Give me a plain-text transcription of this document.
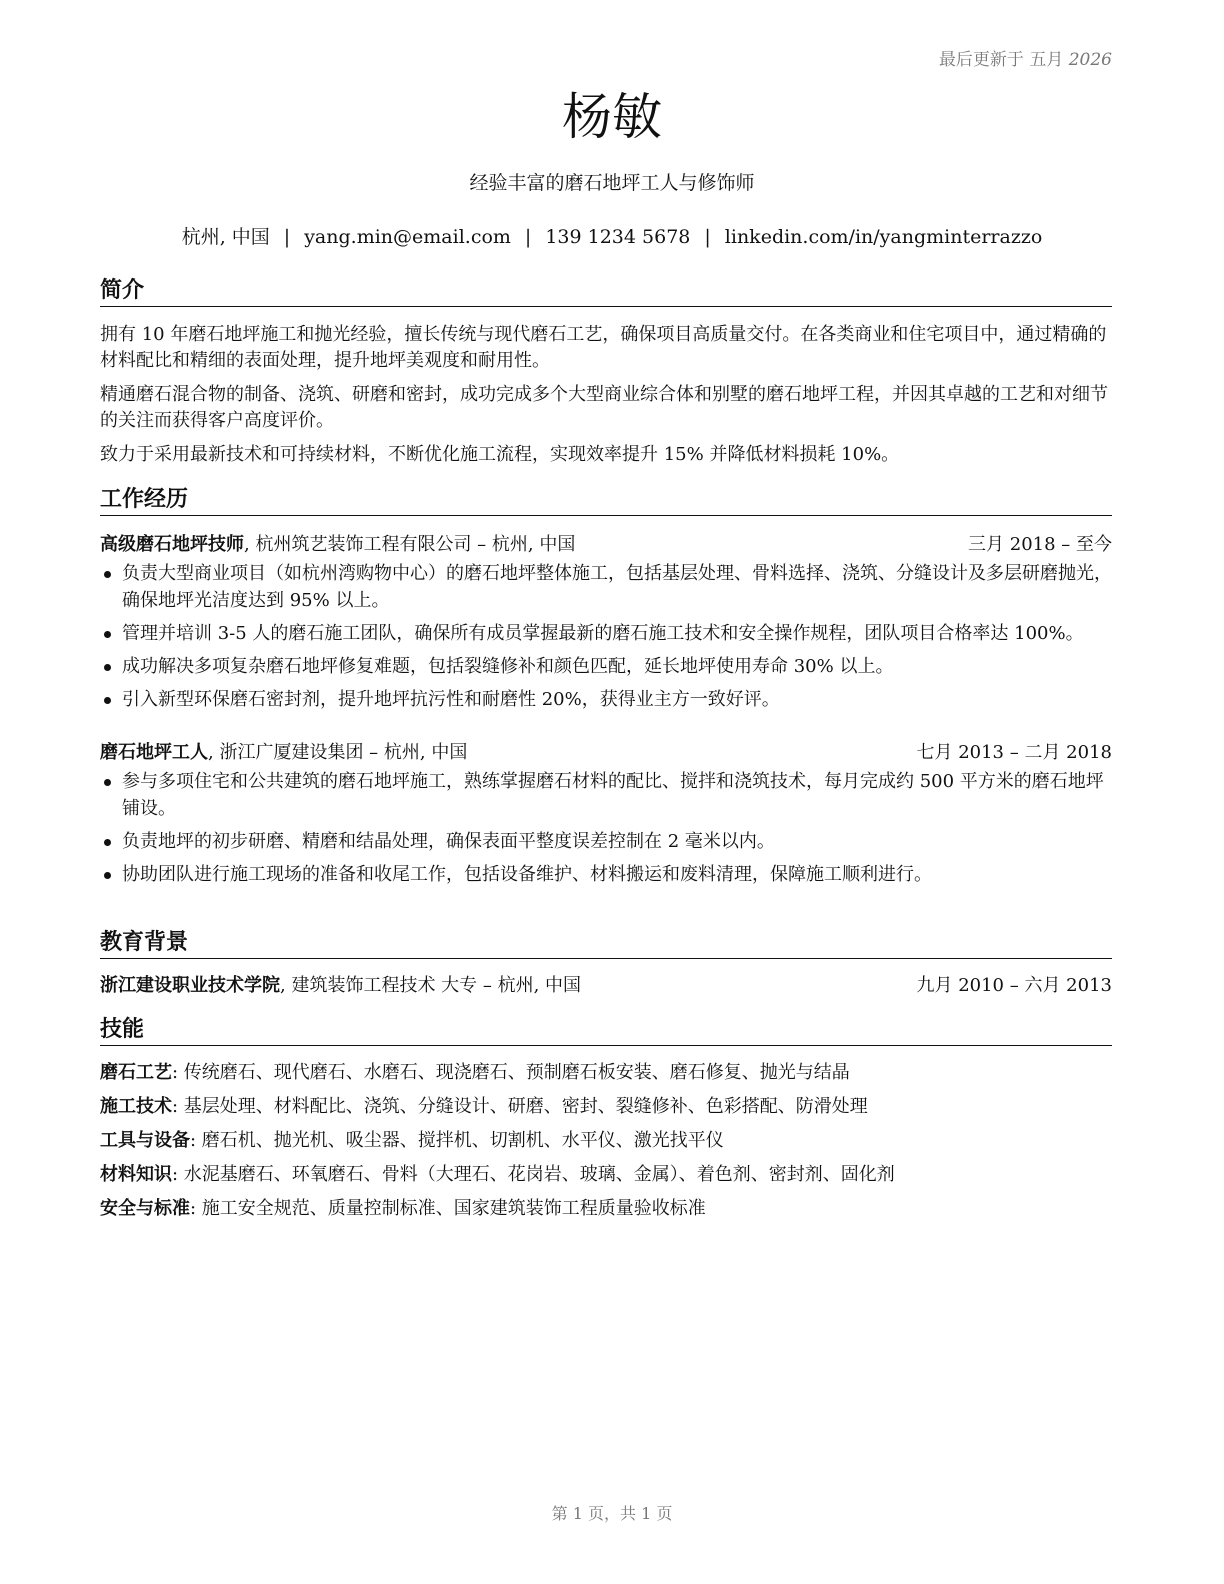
最后更新于 五月 2026
杨敏
经验丰富的磨石地坪工人与修饰师
杭州, 中国 | yang.min@email.com | 139 1234 5678 | linkedin.com/in/yangminterrazzo
简介

拥有 10 年磨石地坪施工和抛光经验，擅长传统与现代磨石工艺，确保项目高质量交付。在各类商业和住宅项目中，通过精确的材料配比和精细的表面处理，提升地坪美观度和耐用性。

精通磨石混合物的制备、浇筑、研磨和密封，成功完成多个大型商业综合体和别墅的磨石地坪工程，并因其卓越的工艺和对细节的关注而获得客户高度评价。

致力于采用最新技术和可持续材料，不断优化施工流程，实现效率提升 15% 并降低材料损耗 10%。

工作经历
高级磨石地坪技师, 杭州筑艺装饰工程有限公司 – 杭州, 中国	三月 2018 – 至今
负责大型商业项目（如杭州湾购物中心）的磨石地坪整体施工，包括基层处理、骨料选择、浇筑、分缝设计及多层研磨抛光，确保地坪光洁度达到 95% 以上。
管理并培训 3-5 人的磨石施工团队，确保所有成员掌握最新的磨石施工技术和安全操作规程，团队项目合格率达 100%。
成功解决多项复杂磨石地坪修复难题，包括裂缝修补和颜色匹配，延长地坪使用寿命 30% 以上。
引入新型环保磨石密封剂，提升地坪抗污性和耐磨性 20%，获得业主方一致好评。
磨石地坪工人, 浙江广厦建设集团 – 杭州, 中国	七月 2013 – 二月 2018
参与多项住宅和公共建筑的磨石地坪施工，熟练掌握磨石材料的配比、搅拌和浇筑技术，每月完成约 500 平方米的磨石地坪铺设。
负责地坪的初步研磨、精磨和结晶处理，确保表面平整度误差控制在 2 毫米以内。
协助团队进行施工现场的准备和收尾工作，包括设备维护、材料搬运和废料清理，保障施工顺利进行。
教育背景
浙江建设职业技术学院, 建筑装饰工程技术 大专 – 杭州, 中国	九月 2010 – 六月 2013
技能
磨石工艺: 传统磨石、现代磨石、水磨石、现浇磨石、预制磨石板安装、磨石修复、抛光与结晶
施工技术: 基层处理、材料配比、浇筑、分缝设计、研磨、密封、裂缝修补、色彩搭配、防滑处理
工具与设备: 磨石机、抛光机、吸尘器、搅拌机、切割机、水平仪、激光找平仪
材料知识: 水泥基磨石、环氧磨石、骨料（大理石、花岗岩、玻璃、金属）、着色剂、密封剂、固化剂
安全与标准: 施工安全规范、质量控制标准、国家建筑装饰工程质量验收标准
第 1 页，共 1 页
